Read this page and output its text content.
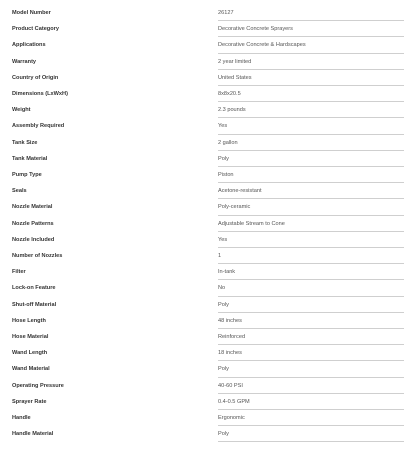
Model Number	26127
Product Category	Decorative Concrete Sprayers
Applications	Decorative Concrete & Hardscapes
Warranty	2 year limited
Country of Origin	United States
Dimensions (LxWxH)	8x8x20.5
Weight	2.3 pounds
Assembly Required	Yes
Tank Size	2 gallon
Tank Material	Poly
Pump Type	Piston
Seals	Acetone-resistant
Nozzle Material	Poly-ceramic
Nozzle Patterns	Adjustable Stream to Cone
Nozzle Included	Yes
Number of Nozzles	1
Filter	In-tank
Lock-on Feature	No
Shut-off Material	Poly
Hose Length	48 inches
Hose Material	Reinforced
Wand Length	18 inches
Wand Material	Poly
Operating Pressure	40-60 PSI
Sprayer Rate	0.4-0.5 GPM
Handle	Ergonomic
Handle Material	Poly
